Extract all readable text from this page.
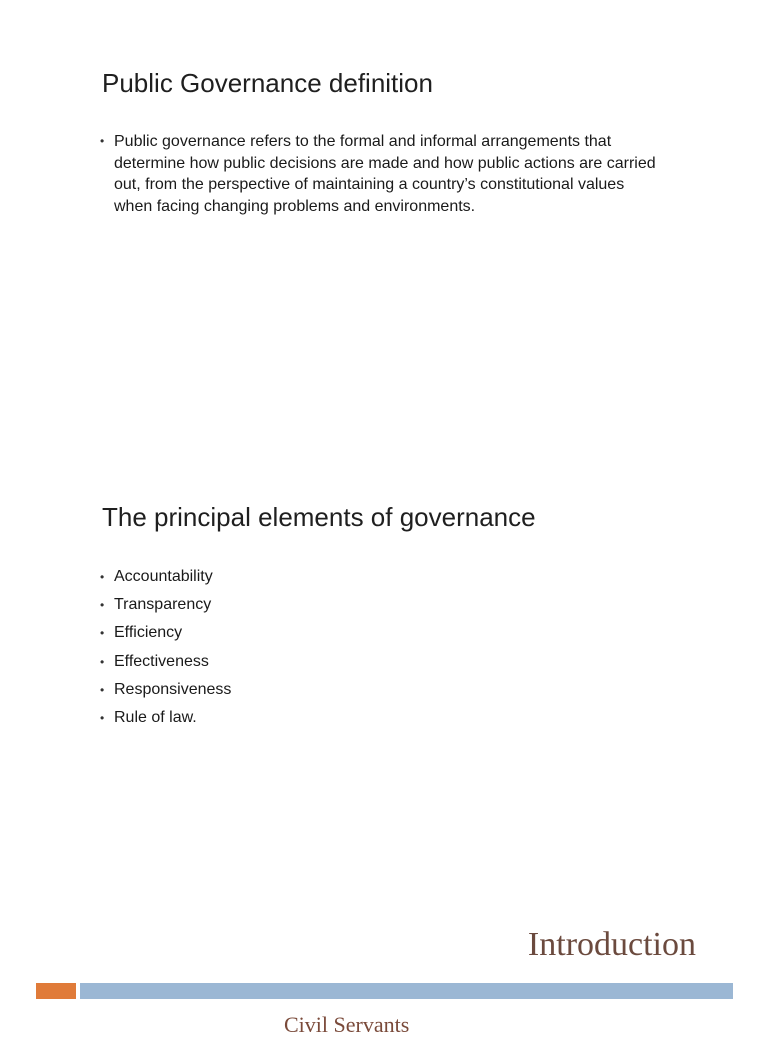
Public Governance definition
• Public governance refers to the formal and informal arrangements that determine how public decisions are made and how public actions are carried out, from the perspective of maintaining a country’s constitutional values when facing changing problems and environments.
The principal elements of governance
• Accountability
• Transparency
• Efficiency
• Effectiveness
• Responsiveness
• Rule of law.
Introduction

Civil Servants
